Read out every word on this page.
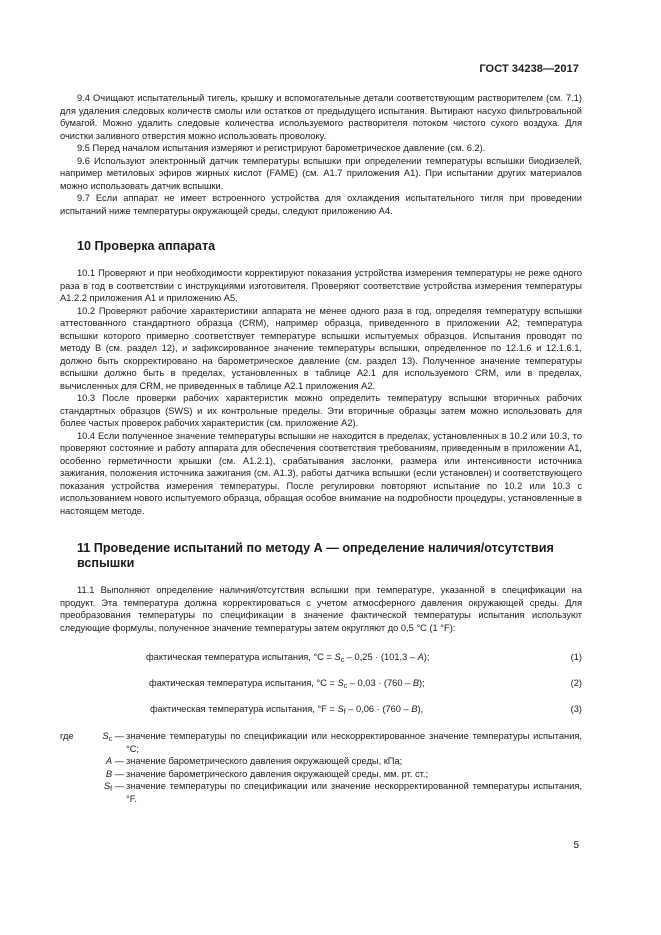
ГОСТ 34238—2017

9.4 Очищают испытательный тигель, крышку и вспомогательные детали соответствующим растворителем (см. 7.1) для удаления следовых количеств смолы или остатков от предыдущего испытания. Вытирают насухо фильтровальной бумагой. Можно удалить следовые количества используемого растворителя потоком чистого сухого воздуха. Для очистки заливного отверстия можно использовать проволоку.

9.5 Перед началом испытания измеряют и регистрируют барометрическое давление (см. 6.2).

9.6 Используют электронный датчик температуры вспышки при определении температуры вспышки биодизелей, например метиловых эфиров жирных кислот (FAME) (см. А1.7 приложения А1). При испытании других материалов можно использовать датчик вспышки.

9.7 Если аппарат не имеет встроенного устройства для охлаждения испытательного тигля при проведении испытаний ниже температуры окружающей среды, следуют приложению А4.

10 Проверка аппарата

10.1 Проверяют и при необходимости корректируют показания устройства измерения температуры не реже одного раза в год в соответствии с инструкциями изготовителя. Проверяют соответствие устройства измерения температуры А1.2.2 приложения А1 и приложению А5.

10.2 Проверяют рабочие характеристики аппарата не менее одного раза в год, определяя температуру вспышки аттестованного стандартного образца (CRM), например образца, приведенного в приложении А2, температура вспышки которого примерно соответствует температуре вспышки испытуемых образцов. Испытания проводят по методу В (см. раздел 12), и зафиксированное значение температуры вспышки, определенное по 12.1.6 и 12.1.6.1, должно быть скорректировано на барометрическое давление (см. раздел 13). Полученное значение температуры вспышки должно быть в пределах, установленных в таблице А2.1 для используемого CRM, или в пределах, вычисленных для CRM, не приведенных в таблице А2.1 приложения А2.

10.3 После проверки рабочих характеристик можно определить температуру вспышки вторичных рабочих стандартных образцов (SWS) и их контрольные пределы. Эти вторичные образцы затем можно использовать для более частых проверок рабочих характеристик (см. приложение А2).

10.4 Если полученное значение температуры вспышки не находится в пределах, установленных в 10.2 или 10.3, то проверяют состояние и работу аппарата для обеспечения соответствия требованиям, приведенным в приложении А1, особенно герметичности крышки (см. А1.2.1), срабатывания заслонки, размера или интенсивности источника зажигания, положения источника зажигания (см. А1.3), работы датчика вспышки (если установлен) и соответствующего показания устройства измерения температуры. После регулировки повторяют испытание по 10.2 или 10.3 с использованием нового испытуемого образца, обращая особое внимание на подробности процедуры, установленные в настоящем методе.

11 Проведение испытаний по методу А — определение наличия/отсутствия вспышки

11.1 Выполняют определение наличия/отсутствия вспышки при температуре, указанной в спецификации на продукт. Эта температура должна корректироваться с учетом атмосферного давления окружающей среды. Для преобразования температуры по спецификации в значение фактической температуры испытания используют следующие формулы, полученное значение температуры затем округляют до 0,5 °С (1 °F):

фактическая температура испытания, $^\circ С = S_c - 0,25 \cdot (101,3 - A)$;	(1)
фактическая температура испытания, $^\circ С = S_c - 0,03 \cdot (760 - B)$;	(2)
фактическая температура испытания, $^\circ F = S_f - 0,06 \cdot (760 - B)$,	(3)
где	$S_c$ — значение температуры по спецификации или нескорректированное значение температуры испытания, °С;
A — значение барометрического давления окружающей среды, кПа;
B — значение барометрического давления окружающей среды, мм. рт. ст.;
$S_f$ — значение температуры по спецификации или значение нескорректированной температуры испытания, °F.
5
